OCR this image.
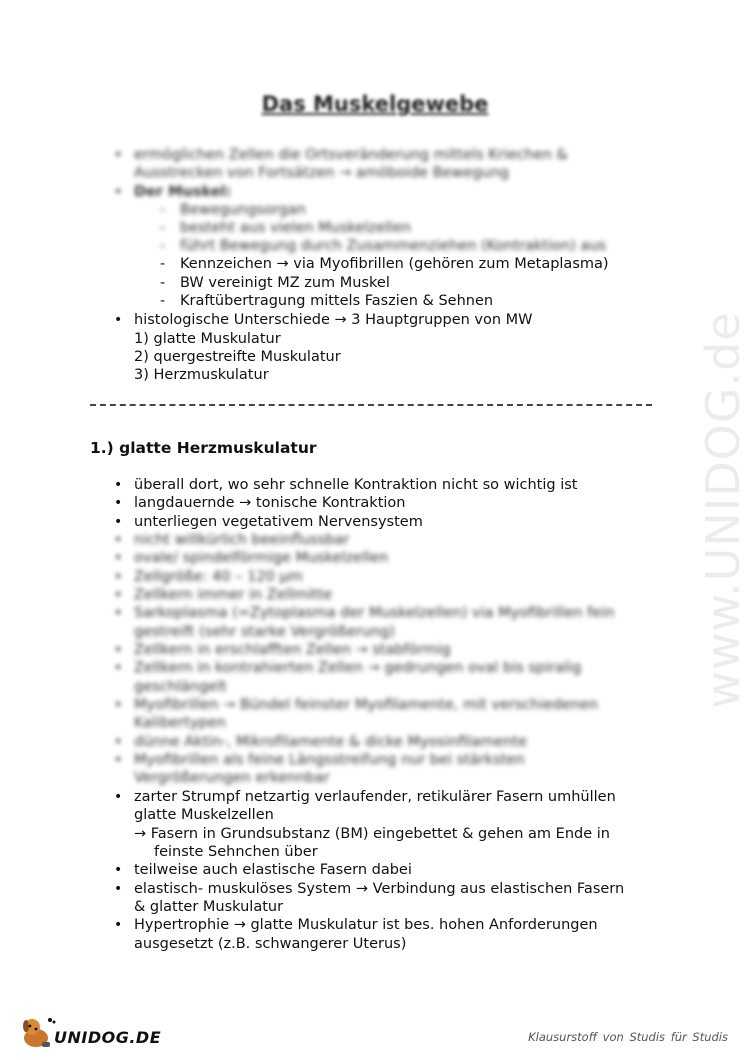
Das Muskelgewebe
• ermöglichen Zellen die Ortsveränderung mittels Kriechen &
Ausstrecken von Fortsätzen → amöboide Bewegung
• Der Muskel:
-	Bewegungsorgan
-	besteht aus vielen Muskelzellen
-	führt Bewegung durch Zusammenziehen (Kontraktion) aus
-	Kennzeichen → via Myofibrillen (gehören zum Metaplasma)
-	BW vereinigt MZ zum Muskel
-	Kraftübertragung mittels Faszien & Sehnen
• histologische Unterschiede → 3 Hauptgruppen von MW
1) glatte Muskulatur
2) quergestreifte Muskulatur
3) Herzmuskulatur
• überall dort, wo sehr schnelle Kontraktion nicht so wichtig ist
• langdauernde → tonische Kontraktion
• unterliegen vegetativem Nervensystem
• nicht willkürlich beeinflussbar
• ovale/ spindelförmige Muskelzellen
• Zellgröße: 40 – 120 µm
• Zellkern immer in Zellmitte
• Sarkoplasma (=Zytoplasma der Muskelzellen) via Myofibrillen fein
gestreift (sehr starke Vergrößerung)
• Zellkern in erschlafften Zellen → stabförmig
• Zellkern in kontrahierten Zellen → gedrungen oval bis spiralig
geschlängelt
• Myofibrillen → Bündel feinster Myofilamente, mit verschiedenen
Kalibertypen
• dünne Aktin-, Mikrofilamente & dicke Myosinfilamente
• Myofibrillen als feine Längsstreifung nur bei stärksten
Vergrößerungen erkennbar
• zarter Strumpf netzartig verlaufender, retikulärer Fasern umhüllen
glatte Muskelzellen
→ Fasern in Grundsubstanz (BM) eingebettet & gehen am Ende in
feinste Sehnchen über
• teilweise auch elastische Fasern dabei
• elastisch- muskulöses System → Verbindung aus elastischen Fasern
& glatter Muskulatur
• Hypertrophie → glatte Muskulatur ist bes. hohen Anforderungen
ausgesetzt (z.B. schwangerer Uterus)
1.) glatte Herzmuskulatur	www.UNIDOG.de
UNIDOG.DE	Klausurstoff von Studis für Studis
